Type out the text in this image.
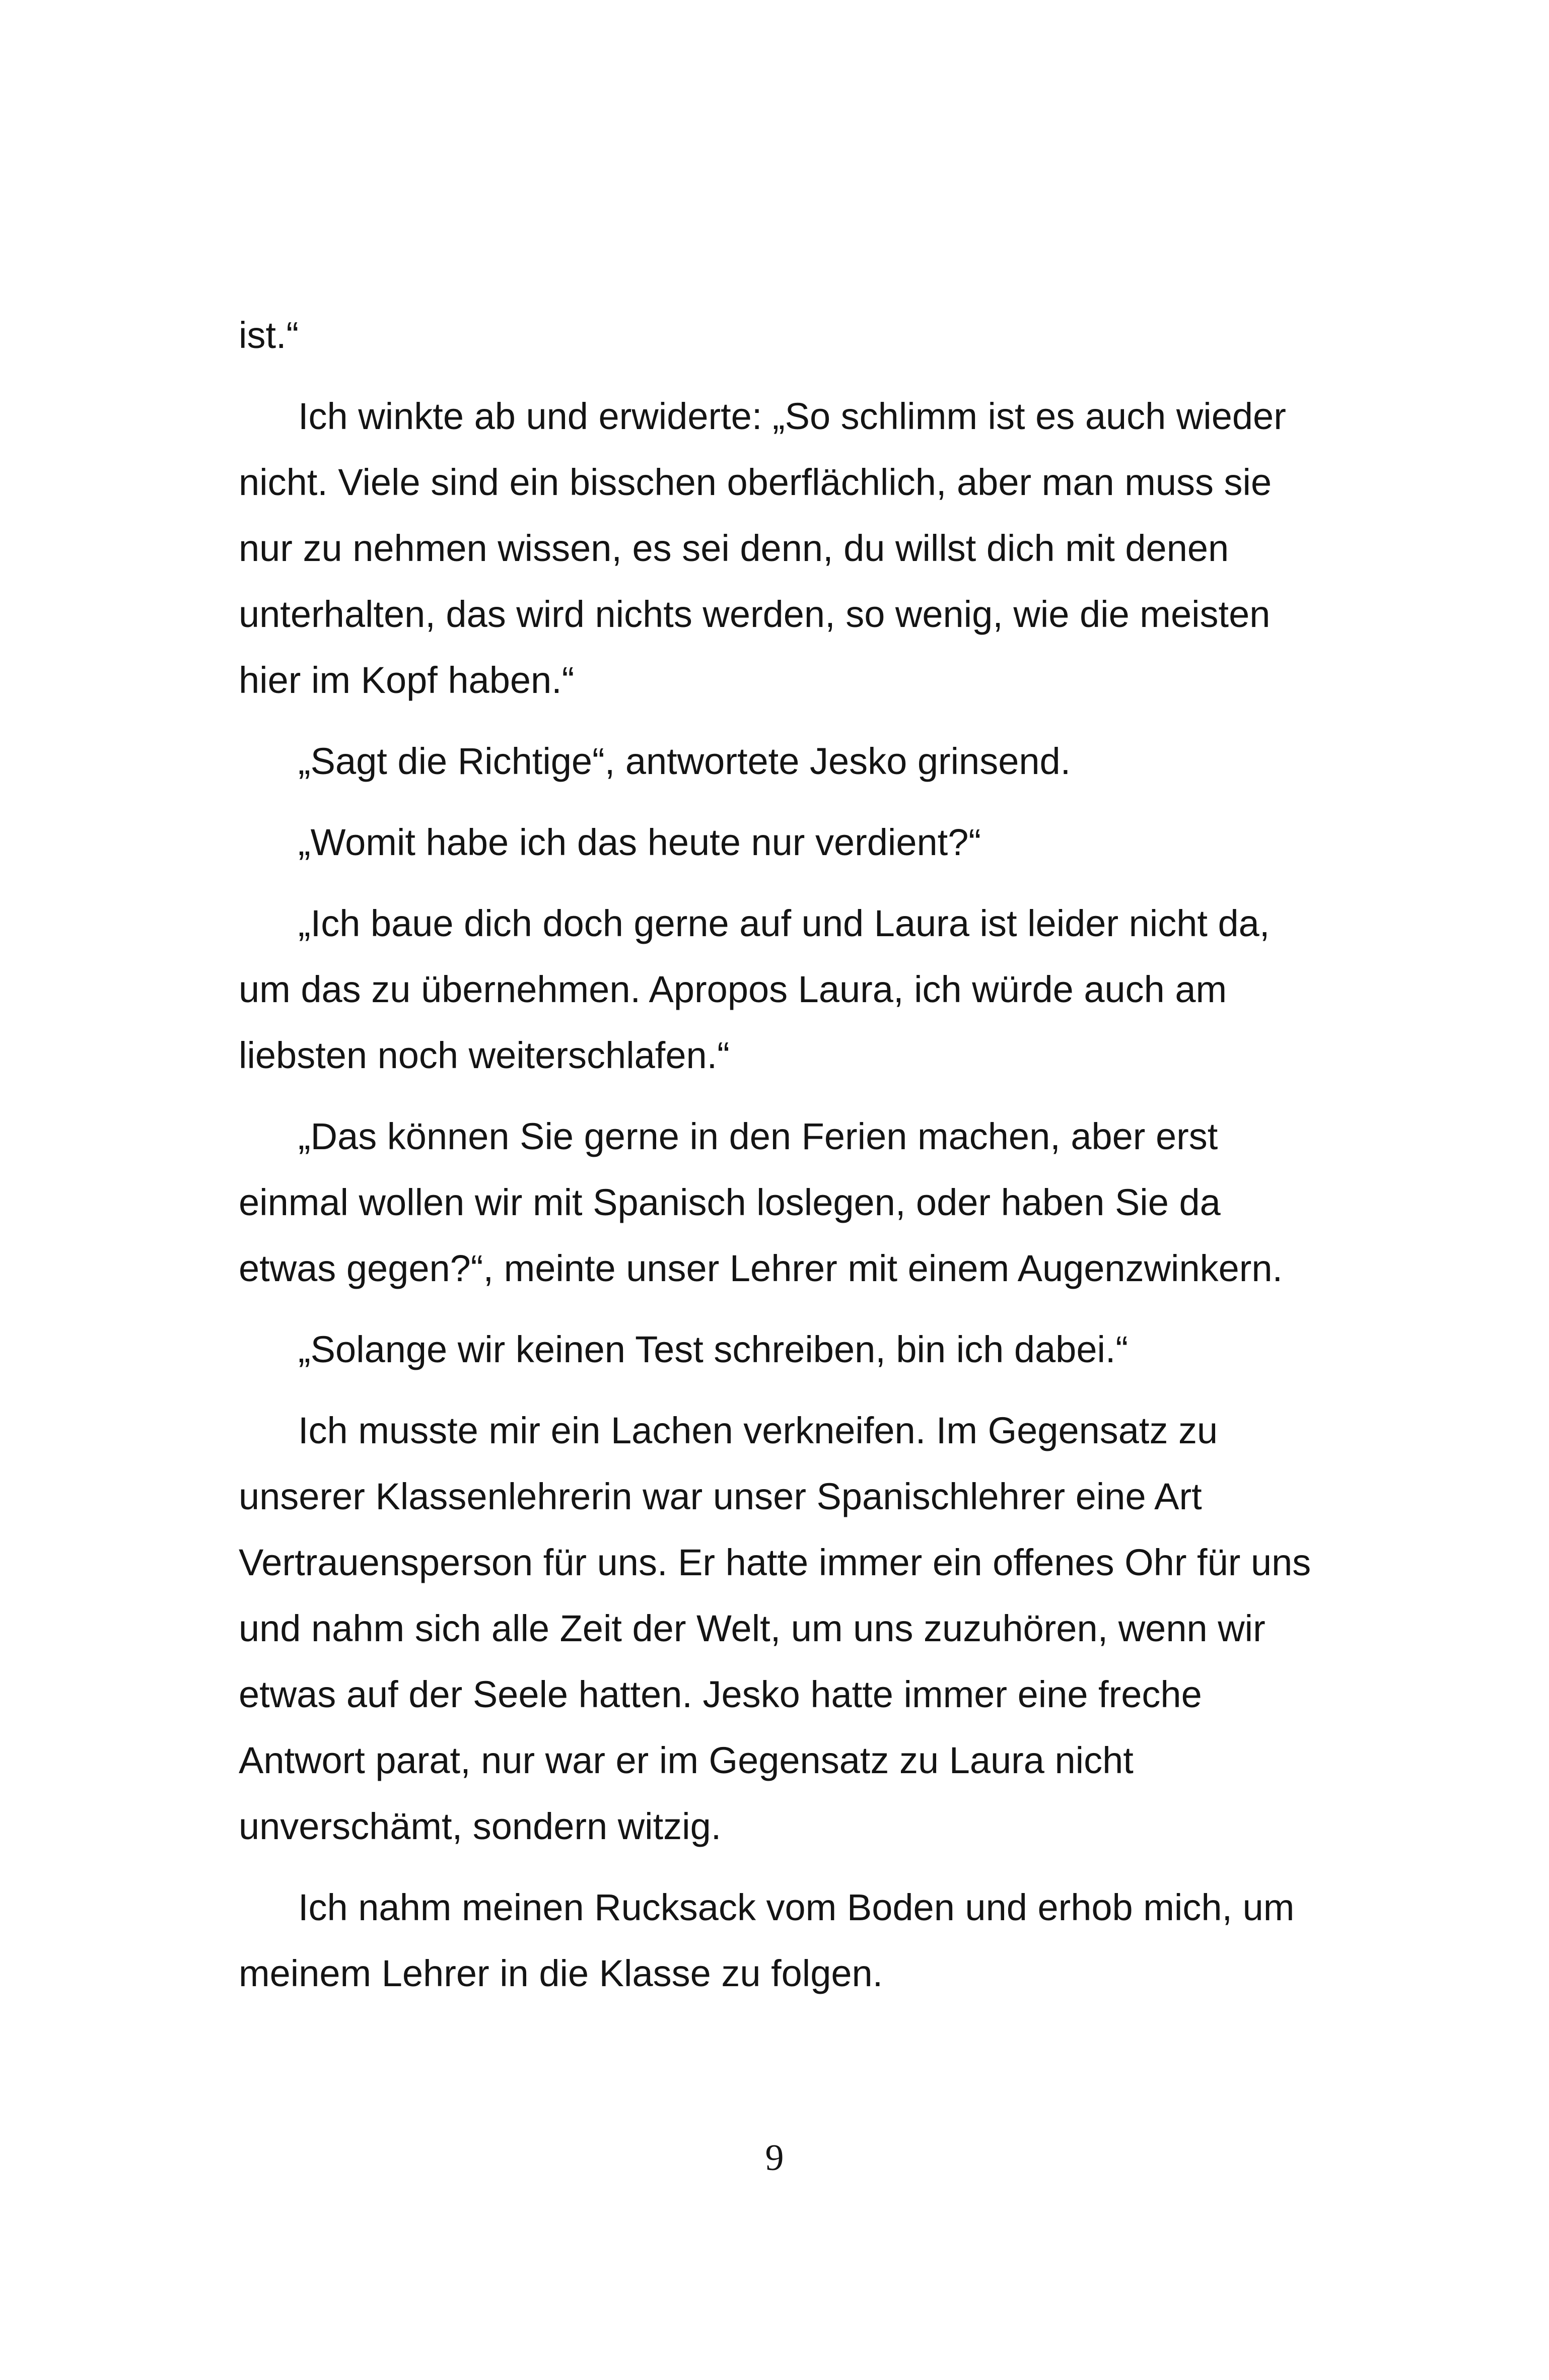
ist.“

Ich winkte ab und erwiderte: „So schlimm ist es auch wieder nicht. Viele sind ein bisschen oberflächlich, aber man muss sie nur zu nehmen wissen, es sei denn, du willst dich mit denen unterhalten, das wird nichts werden, so wenig, wie die meisten hier im Kopf haben.“

„Sagt die Richtige“, antwortete Jesko grinsend.

„Womit habe ich das heute nur verdient?“

„Ich baue dich doch gerne auf und Laura ist leider nicht da, um das zu übernehmen. Apropos Laura, ich würde auch am liebsten noch weiterschlafen.“

„Das können Sie gerne in den Ferien machen, aber erst einmal wollen wir mit Spanisch loslegen, oder haben Sie da etwas gegen?“, meinte unser Lehrer mit einem Augenzwinkern.

„Solange wir keinen Test schreiben, bin ich dabei.“

Ich musste mir ein Lachen verkneifen. Im Gegensatz zu unserer Klassenlehrerin war unser Spanischlehrer eine Art Vertrauensperson für uns. Er hatte immer ein offenes Ohr für uns und nahm sich alle Zeit der Welt, um uns zuzuhören, wenn wir etwas auf der Seele hatten. Jesko hatte immer eine freche Antwort parat, nur war er im Gegensatz zu Laura nicht unverschämt, sondern witzig.

Ich nahm meinen Rucksack vom Boden und erhob mich, um meinem Lehrer in die Klasse zu folgen.

9
